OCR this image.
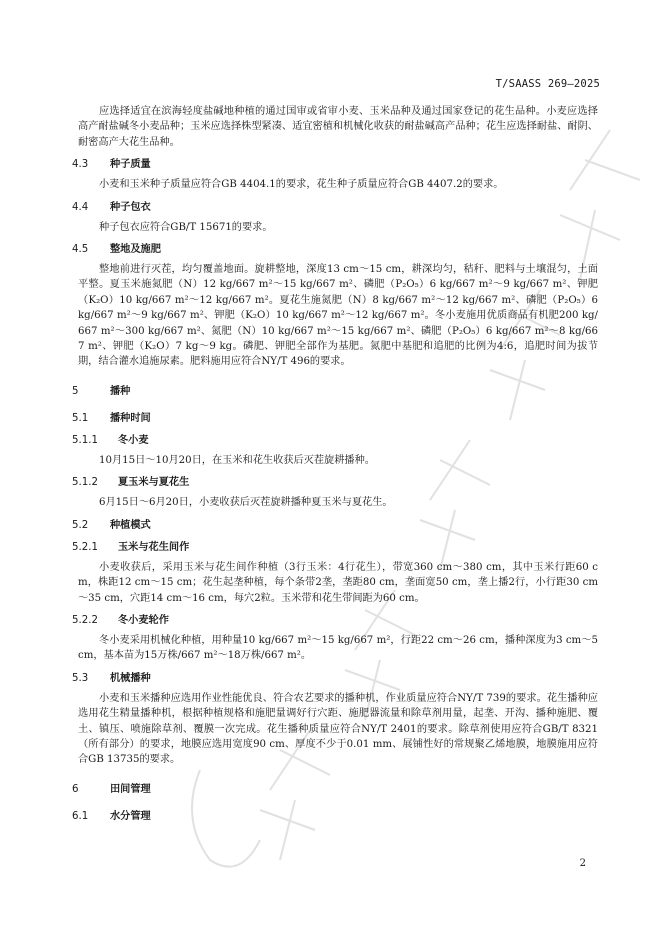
T/SAASS 269—2025

应选择适宜在滨海轻度盐碱地种植的通过国审或省审小麦、玉米品种及通过国家登记的花生品种。小麦应选择高产耐盐碱冬小麦品种；玉米应选择株型紧凑、适宜密植和机械化收获的耐盐碱高产品种；花生应选择耐盐、耐阴、耐密高产大花生品种。

4.3	种子质量

小麦和玉米种子质量应符合GB 4404.1的要求，花生种子质量应符合GB 4407.2的要求。

4.4	种子包衣

种子包衣应符合GB/T 15671的要求。

4.5	整地及施肥

整地前进行灭茬，均匀覆盖地面。旋耕整地，深度13 cm～15 cm，耕深均匀，秸秆、肥料与土壤混匀，土面平整。夏玉米施氮肥（N）12 kg/667 m²～15 kg/667 m²、磷肥（P₂O₅）6 kg/667 m²～9 kg/667 m²、钾肥（K₂O）10 kg/667 m²～12 kg/667 m²。夏花生施氮肥（N）8 kg/667 m²～12 kg/667 m²、磷肥（P₂O₅）6 kg/667 m²～9 kg/667 m²、钾肥（K₂O）10 kg/667 m²～12 kg/667 m²。冬小麦施用优质商品有机肥200 kg/667 m²～300 kg/667 m²、氮肥（N）10 kg/667 m²～15 kg/667 m²、磷肥（P₂O₅）6 kg/667 m²～8 kg/667 m²、钾肥（K₂O）7 kg～9 kg。磷肥、钾肥全部作为基肥。氮肥中基肥和追肥的比例为4:6，追肥时间为拔节期，结合灌水追施尿素。肥料施用应符合NY/T 496的要求。

5	播种
5.1	播种时间
5.1.1	冬小麦

10月15日～10月20日，在玉米和花生收获后灭茬旋耕播种。

5.1.2	夏玉米与夏花生

6月15日～6月20日，小麦收获后灭茬旋耕播种夏玉米与夏花生。

5.2	种植模式
5.2.1	玉米与花生间作

小麦收获后，采用玉米与花生间作种植（3行玉米：4行花生），带宽360 cm～380 cm，其中玉米行距60 cm，株距12 cm～15 cm；花生起垄种植，每个条带2垄，垄距80 cm，垄面宽50 cm，垄上播2行，小行距30 cm～35 cm，穴距14 cm～16 cm，每穴2粒。玉米带和花生带间距为60 cm。

5.2.2	冬小麦轮作

冬小麦采用机械化种植，用种量10 kg/667 m²～15 kg/667 m²，行距22 cm～26 cm，播种深度为3 cm～5 cm，基本苗为15万株/667 m²～18万株/667 m²。

5.3	机械播种

小麦和玉米播种应选用作业性能优良、符合农艺要求的播种机，作业质量应符合NY/T 739的要求。花生播种应选用花生精量播种机，根据种植规格和施肥量调好行穴距、施肥器流量和除草剂用量，起垄、开沟、播种施肥、覆土、镇压、喷施除草剂、覆膜一次完成。花生播种质量应符合NY/T 2401的要求。除草剂使用应符合GB/T 8321（所有部分）的要求，地膜应选用宽度90 cm、厚度不少于0.01 mm、展铺性好的常规聚乙烯地膜，地膜施用应符合GB 13735的要求。

6	田间管理
6.1	水分管理
2
